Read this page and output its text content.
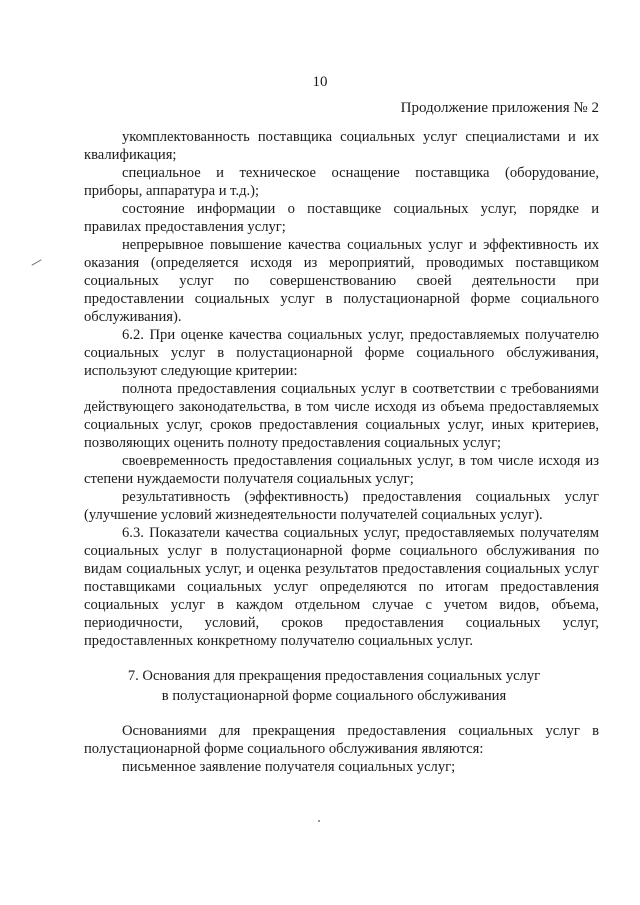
10
Продолжение приложения № 2

укомплектованность поставщика социальных услуг специалистами и их квалификация;

специальное и техническое оснащение поставщика (оборудование, приборы, аппаратура и т.д.);

состояние информации о поставщике социальных услуг, порядке и правилах предоставления услуг;

непрерывное повышение качества социальных услуг и эффективность их оказания (определяется исходя из мероприятий, проводимых поставщиком социальных услуг по совершенствованию своей деятельности при предоставлении социальных услуг в полустационарной форме социального обслуживания).

6.2. При оценке качества социальных услуг, предоставляемых получателю социальных услуг в полустационарной форме социального обслуживания, используют следующие критерии:

полнота предоставления социальных услуг в соответствии с требованиями действующего законодательства, в том числе исходя из объема предоставляемых социальных услуг, сроков предоставления социальных услуг, иных критериев, позволяющих оценить полноту предоставления социальных услуг;

своевременность предоставления социальных услуг, в том числе исходя из степени нуждаемости получателя социальных услуг;

результативность (эффективность) предоставления социальных услуг (улучшение условий жизнедеятельности получателей социальных услуг).

6.3. Показатели качества социальных услуг, предоставляемых получателям социальных услуг в полустационарной форме социального обслуживания по видам социальных услуг, и оценка результатов предоставления социальных услуг поставщиками социальных услуг определяются по итогам предоставления социальных услуг в каждом отдельном случае с учетом видов, объема, периодичности, условий, сроков предоставления социальных услуг, предоставленных конкретному получателю социальных услуг.

7. Основания для прекращения предоставления социальных услуг
в полустационарной форме социального обслуживания

Основаниями для прекращения предоставления социальных услуг в полустационарной форме социального обслуживания являются:

письменное заявление получателя социальных услуг;
